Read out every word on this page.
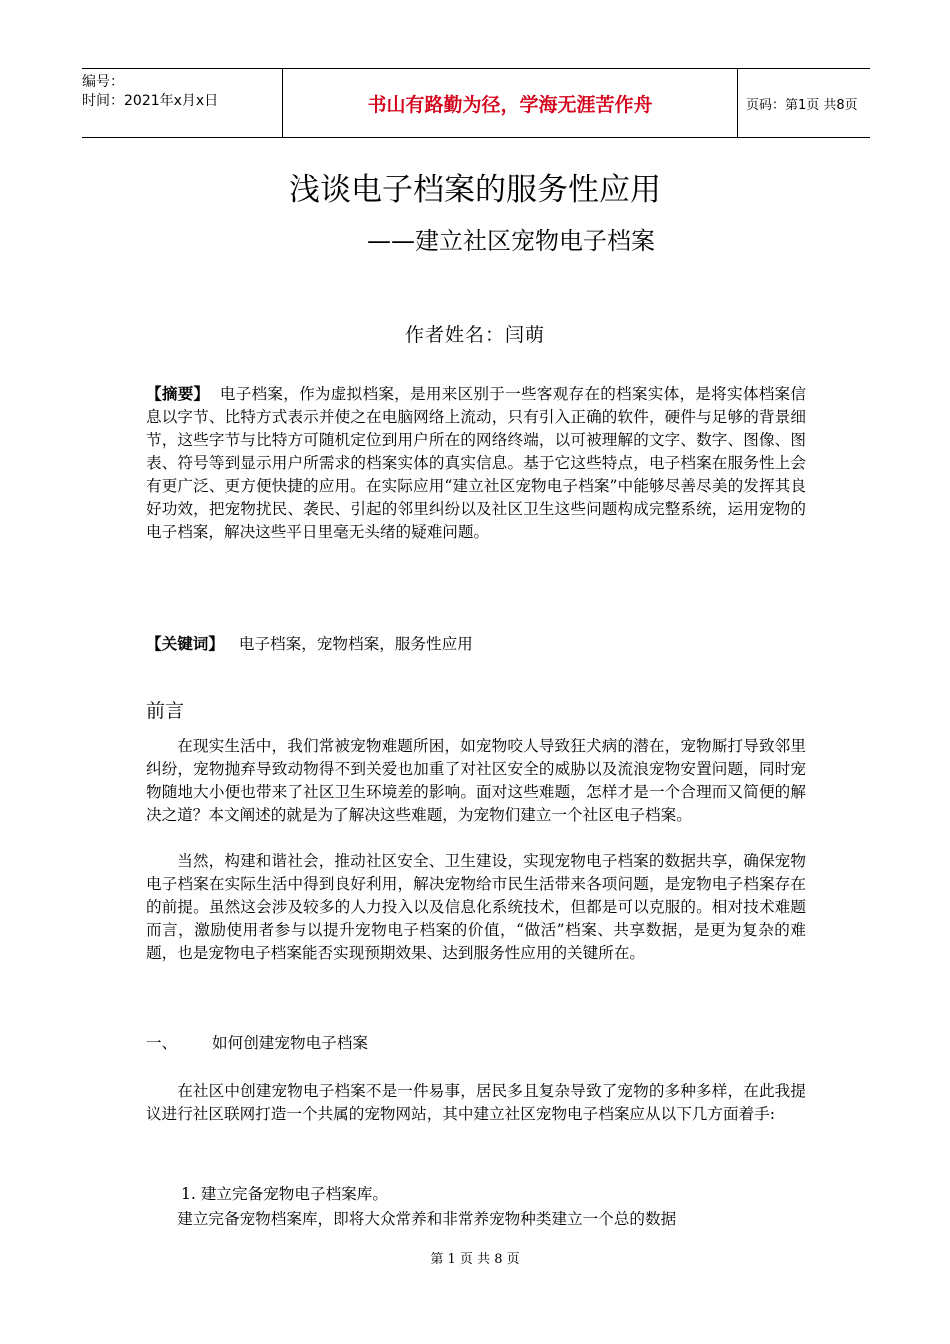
编号：
时间：2021年x月x日	书山有路勤为径，学海无涯苦作舟	页码：第1页 共8页
浅谈电子档案的服务性应用
——建立社区宠物电子档案
作者姓名：闫萌
【摘要】 电子档案，作为虚拟档案，是用来区别于一些客观存在的档案实体，是将实体档案信息以字节、比特方式表示并使之在电脑网络上流动，只有引入正确的软件，硬件与足够的背景细节，这些字节与比特方可随机定位到用户所在的网络终端，以可被理解的文字、数字、图像、图表、符号等到显示用户所需求的档案实体的真实信息。基于它这些特点，电子档案在服务性上会有更广泛、更方便快捷的应用。在实际应用“建立社区宠物电子档案”中能够尽善尽美的发挥其良好功效，把宠物扰民、袭民、引起的邻里纠纷以及社区卫生这些问题构成完整系统，运用宠物的电子档案，解决这些平日里毫无头绪的疑难问题。
【关键词】 电子档案，宠物档案，服务性应用
前言
在现实生活中，我们常被宠物难题所困，如宠物咬人导致狂犬病的潜在，宠物厮打导致邻里纠纷，宠物抛弃导致动物得不到关爱也加重了对社区安全的威胁以及流浪宠物安置问题，同时宠物随地大小便也带来了社区卫生环境差的影响。面对这些难题，怎样才是一个合理而又简便的解决之道？本文阐述的就是为了解决这些难题，为宠物们建立一个社区电子档案。
当然，构建和谐社会，推动社区安全、卫生建设，实现宠物电子档案的数据共享，确保宠物电子档案在实际生活中得到良好利用，解决宠物给市民生活带来各项问题，是宠物电子档案存在的前提。虽然这会涉及较多的人力投入以及信息化系统技术，但都是可以克服的。相对技术难题而言，激励使用者参与以提升宠物电子档案的价值，“做活”档案、共享数据，是更为复杂的难题，也是宠物电子档案能否实现预期效果、达到服务性应用的关键所在。
一、 如何创建宠物电子档案
在社区中创建宠物电子档案不是一件易事，居民多且复杂导致了宠物的多种多样，在此我提议进行社区联网打造一个共属的宠物网站，其中建立社区宠物电子档案应从以下几方面着手:
1. 建立完备宠物电子档案库。
建立完备宠物档案库，即将大众常养和非常养宠物种类建立一个总的数据
第 1 页 共 8 页
